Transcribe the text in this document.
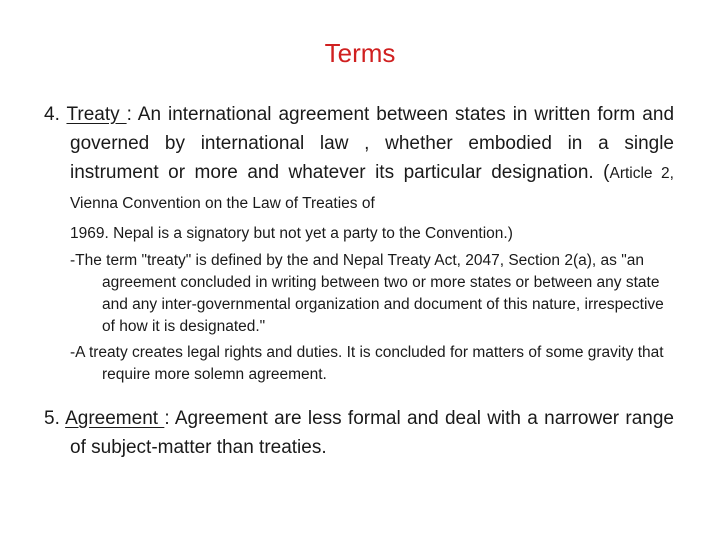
Terms

4. Treaty : An international agreement between states in written form and governed by international law , whether embodied in a single instrument or more and whatever its particular designation. (Article 2, Vienna Convention on the Law of Treaties of

1969. Nepal is a signatory but not yet a party to the Convention.)

-The term "treaty" is defined by the and Nepal Treaty Act, 2047, Section 2(a), as "an agreement concluded in writing between two or more states or between any state and any inter-governmental organization and document of this nature, irrespective of how it is designated."

-A treaty creates legal rights and duties. It is concluded for matters of some gravity that require more solemn agreement.

5. Agreement : Agreement are less formal and deal with a narrower range of subject-matter than treaties.
